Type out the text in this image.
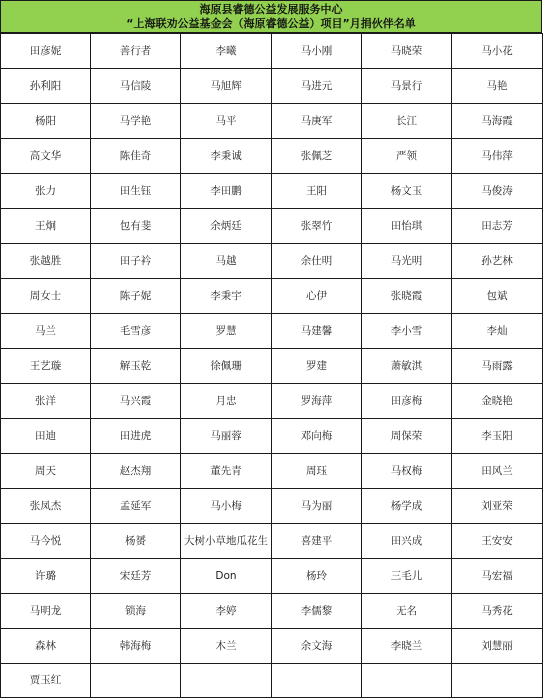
海原县睿德公益发展服务中心
“上海联劝公益基金会（海原睿德公益）项目”月捐伙伴名单
田彦妮	善行者	李曦	马小刚	马晓荣	马小花
孙利阳	马信陵	马旭辉	马进元	马景行	马艳
杨阳	马学艳	马平	马庚军	长江	马海霞
高文华	陈佳奇	李秉诚	张佩芝	严领	马伟萍
张力	田生钰	李田鹏	王阳	杨文玉	马俊涛
王炯	包有斐	余炳廷	张翠竹	田怡琪	田志芳
张越胜	田子衿	马越	余仕明	马光明	孙艺林
周女士	陈子妮	李秉宇	心伊	张晓霞	包斌
马兰	毛雪彦	罗慧	马建馨	李小雪	李灿
王艺璇	解玉乾	徐佩珊	罗建	萧敏淇	马雨露
张洋	马兴霞	月忠	罗海萍	田彦梅	金晓艳
田迪	田进虎	马丽蓉	邓向梅	周保荣	李玉阳
周天	赵杰翔	董先青	周珏	马权梅	田风兰
张凤杰	孟延军	马小梅	马为丽	杨学成	刘亚荣
马今悦	杨赟	大树小草地瓜花生	喜建平	田兴成	王安安
许璐	宋廷芳	Don	杨玲	三毛儿	马宏福
马明龙	锁海	李婷	李儒黎	无名	马秀花
森林	韩海梅	木兰	余文海	李晓兰	刘慧丽
贾玉红					
